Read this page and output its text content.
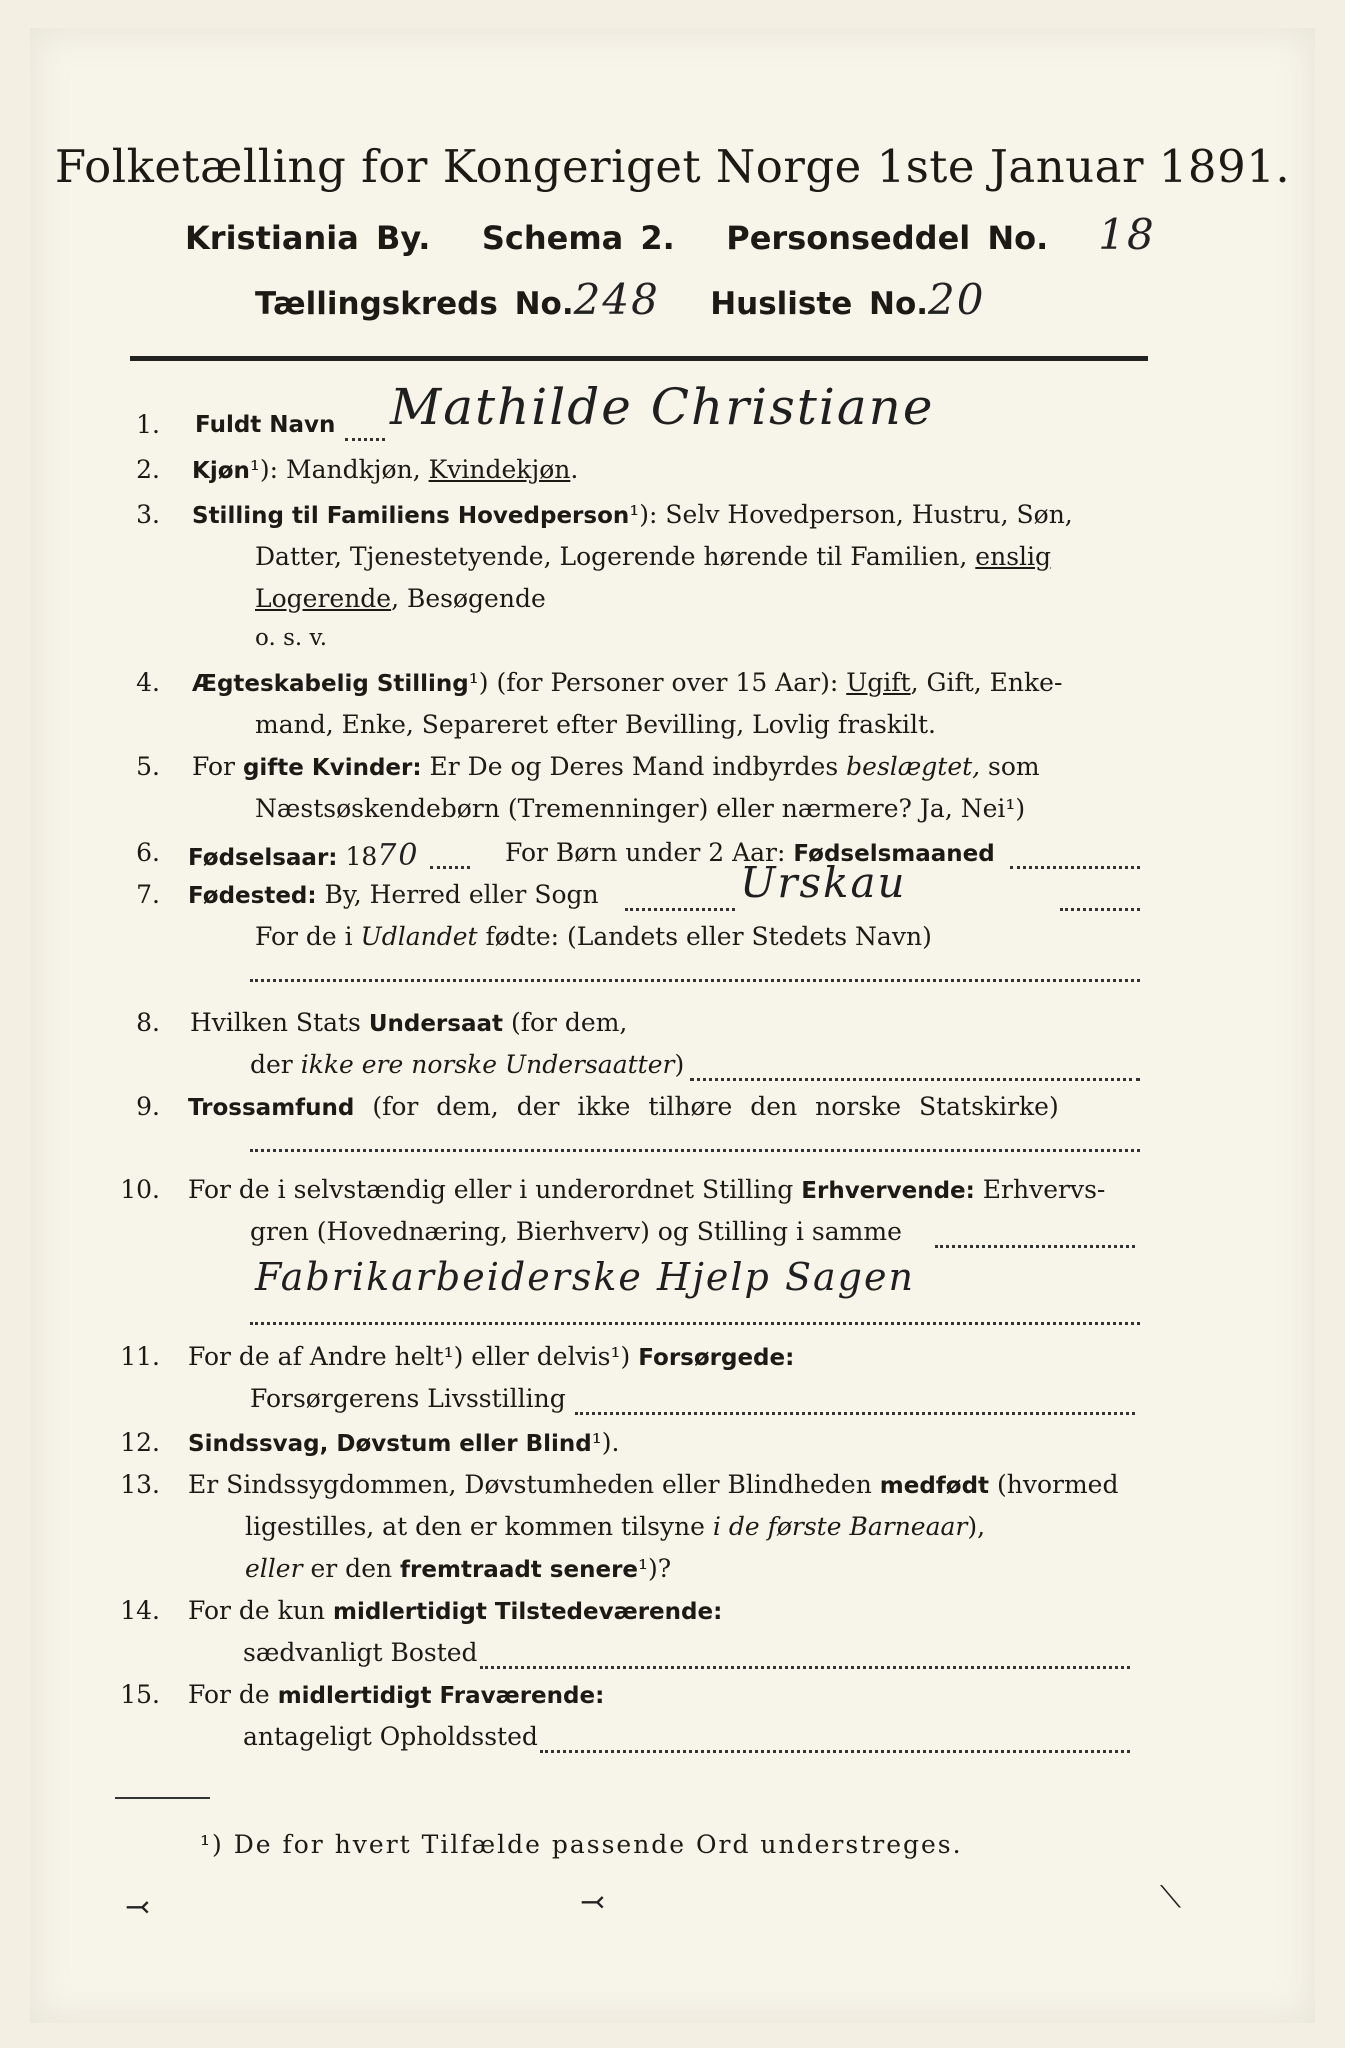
Folketælling for Kongeriget Norge 1ste Januar 1891.
Kristiania By. Schema 2. Personseddel No. 18
Tællingskreds No.248 Husliste No.20
1. Fuldt Navn Mathilde Christiane
2. Kjøn¹): Mandkjøn, Kvindekjøn.
3. Stilling til Familiens Hovedperson¹): Selv Hovedperson, Hustru, Søn,
Datter, Tjenestetyende, Logerende hørende til Familien, enslig
Logerende, Besøgende
o. s. v.
4. Ægteskabelig Stilling¹) (for Personer over 15 Aar): Ugift, Gift, Enke-
mand, Enke, Separeret efter Bevilling, Lovlig fraskilt.
5. For gifte Kvinder: Er De og Deres Mand indbyrdes beslægtet, som
Næstsøskendebørn (Tremenninger) eller nærmere? Ja, Nei¹)
6. Fødselsaar: 1870	For Børn under 2 Aar: Fødselsmaaned
7. Fødested: By, Herred eller Sogn	Urskau
For de i Udlandet fødte: (Landets eller Stedets Navn)
8. Hvilken Stats Undersaat (for dem,
der ikke ere norske Undersaatter)
9. Trossamfund (for dem, der ikke tilhøre den norske Statskirke)
10. For de i selvstændig eller i underordnet Stilling Erhvervende: Erhvervs-
gren (Hovednæring, Bierhverv) og Stilling i samme
Fabrikarbeiderske Hjelp Sagen
11. For de af Andre helt¹) eller delvis¹) Forsørgede:
Forsørgerens Livsstilling
12. Sindssvag, Døvstum eller Blind¹).
13. Er Sindssygdommen, Døvstumheden eller Blindheden medfødt (hvormed
ligestilles, at den er kommen tilsyne i de første Barneaar),
eller er den fremtraadt senere¹)?
14. For de kun midlertidigt Tilstedeværende:
sædvanligt Bosted
15. For de midlertidigt Fraværende:
antageligt Opholdssted
¹) De for hvert Tilfælde passende Ord understreges.
⤙	⤙	⟍
